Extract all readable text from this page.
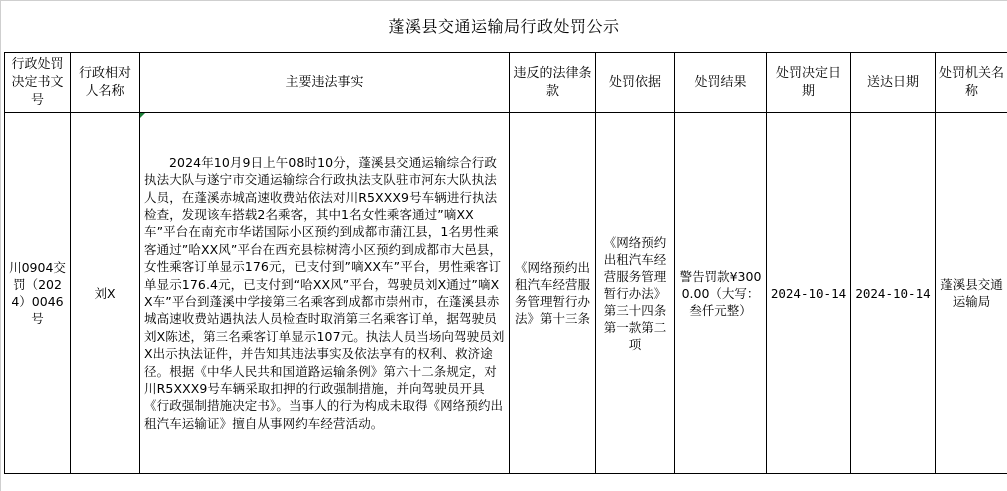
蓬溪县交通运输局行政处罚公示
行政处罚决定书文号	行政相对人名称	主要违法事实	违反的法律条款	处罚依据	处罚结果	处罚决定日期	送达日期	处罚机关名称
川0904交罚（2024）0046号	刘X	2024年10月9日上午08时10分，蓬溪县交通运输综合行政执法大队与遂宁市交通运输综合行政执法支队驻市河东大队执法人员，在蓬溪赤城高速收费站依法对川R5XXX9号车辆进行执法检查，发现该车搭载2名乘客，其中1名女性乘客通过”嘀XX车”平台在南充市华诺国际小区预约到成都市蒲江县，1名男性乘客通过”哈XX风”平台在西充县棕树湾小区预约到成都市大邑县，女性乘客订单显示176元，已支付到”嘀XX车”平台，男性乘客订单显示176.4元，已支付到“哈XX风”平台，驾驶员刘X通过”嘀XX车”平台到蓬溪中学接第三名乘客到成都市崇州市，在蓬溪县赤城高速收费站遇执法人员检查时取消第三名乘客订单，据驾驶员刘X陈述，第三名乘客订单显示107元。执法人员当场向驾驶员刘X出示执法证件，并告知其违法事实及依法享有的权利、救济途径。根据《中华人民共和国道路运输条例》第六十二条规定，对川R5XXX9号车辆采取扣押的行政强制措施，并向驾驶员开具《行政强制措施决定书》。当事人的行为构成未取得《网络预约出租汽车运输证》擅自从事网约车经营活动。	《网络预约出租汽车经营服务管理暂行办法》第十三条	《网络预约出租汽车经营服务管理暂行办法》第三十四条第一款第二项	警告罚款¥3000.00（大写：叁仟元整）	2024-10-14	2024-10-14	蓬溪县交通运输局
